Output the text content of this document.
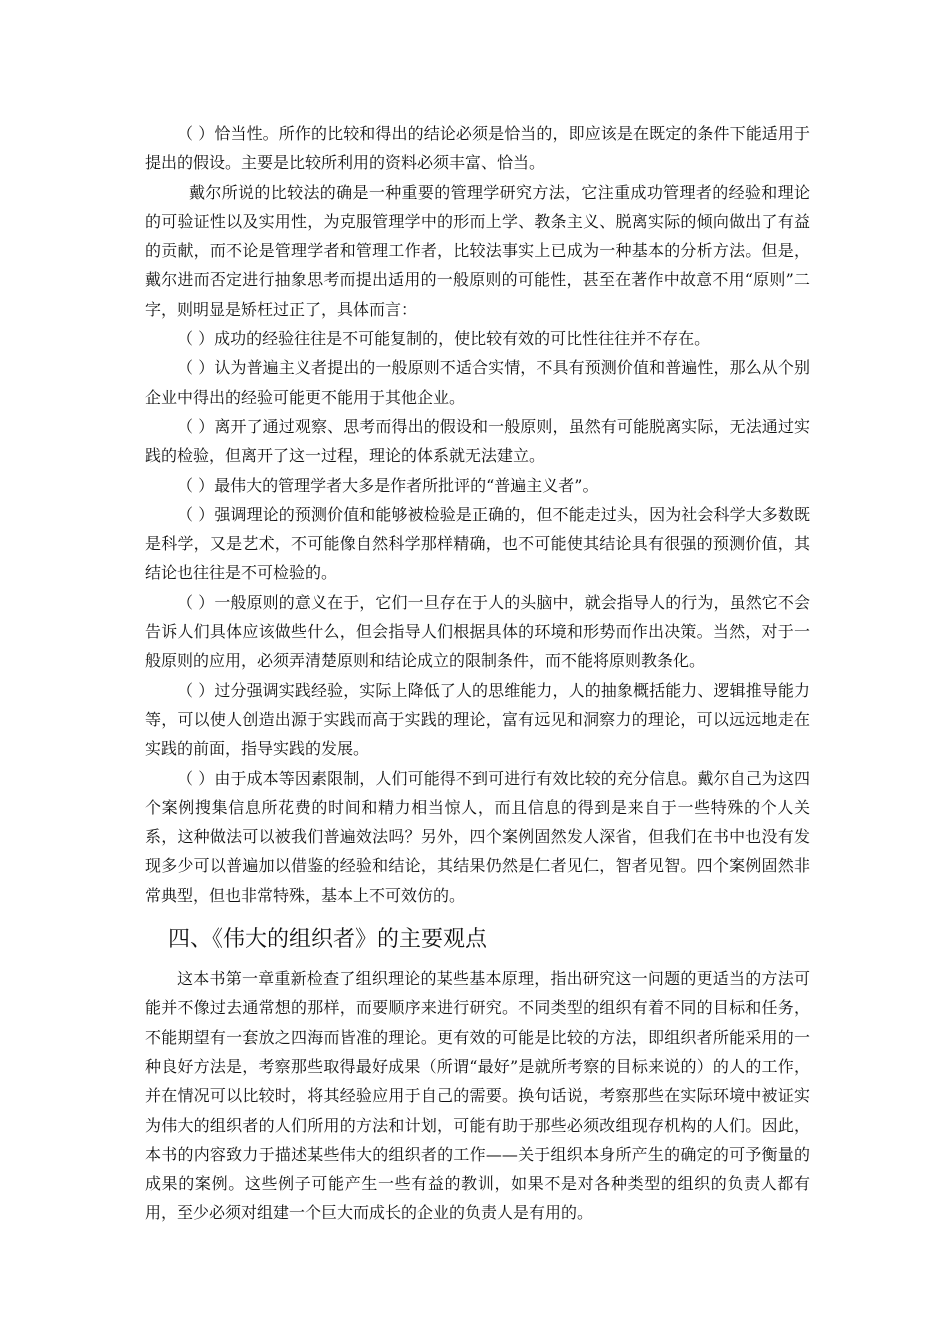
（ ）恰当性。所作的比较和得出的结论必须是恰当的，即应该是在既定的条件下能适用于提出的假设。主要是比较所利用的资料必须丰富、恰当。

戴尔所说的比较法的确是一种重要的管理学研究方法，它注重成功管理者的经验和理论的可验证性以及实用性，为克服管理学中的形而上学、教条主义、脱离实际的倾向做出了有益的贡献，而不论是管理学者和管理工作者，比较法事实上已成为一种基本的分析方法。但是，戴尔进而否定进行抽象思考而提出适用的一般原则的可能性，甚至在著作中故意不用“原则”二字，则明显是矫枉过正了，具体而言：

（ ）成功的经验往往是不可能复制的，使比较有效的可比性往往并不存在。

（ ）认为普遍主义者提出的一般原则不适合实情，不具有预测价值和普遍性，那么从个别企业中得出的经验可能更不能用于其他企业。

（ ）离开了通过观察、思考而得出的假设和一般原则，虽然有可能脱离实际，无法通过实践的检验，但离开了这一过程，理论的体系就无法建立。

（ ）最伟大的管理学者大多是作者所批评的“普遍主义者”。

（ ）强调理论的预测价值和能够被检验是正确的，但不能走过头，因为社会科学大多数既是科学，又是艺术，不可能像自然科学那样精确，也不可能使其结论具有很强的预测价值，其结论也往往是不可检验的。

（ ）一般原则的意义在于，它们一旦存在于人的头脑中，就会指导人的行为，虽然它不会告诉人们具体应该做些什么，但会指导人们根据具体的环境和形势而作出决策。当然，对于一般原则的应用，必须弄清楚原则和结论成立的限制条件，而不能将原则教条化。

（ ）过分强调实践经验，实际上降低了人的思维能力，人的抽象概括能力、逻辑推导能力等，可以使人创造出源于实践而高于实践的理论，富有远见和洞察力的理论，可以远远地走在实践的前面，指导实践的发展。

（ ）由于成本等因素限制，人们可能得不到可进行有效比较的充分信息。戴尔自己为这四个案例搜集信息所花费的时间和精力相当惊人，而且信息的得到是来自于一些特殊的个人关系，这种做法可以被我们普遍效法吗？另外，四个案例固然发人深省，但我们在书中也没有发现多少可以普遍加以借鉴的经验和结论，其结果仍然是仁者见仁，智者见智。四个案例固然非常典型，但也非常特殊，基本上不可效仿的。

四、《伟大的组织者》的主要观点

这本书第一章重新检查了组织理论的某些基本原理，指出研究这一问题的更适当的方法可能并不像过去通常想的那样，而要顺序来进行研究。不同类型的组织有着不同的目标和任务，不能期望有一套放之四海而皆准的理论。更有效的可能是比较的方法，即组织者所能采用的一种良好方法是，考察那些取得最好成果（所谓“最好”是就所考察的目标来说的）的人的工作，并在情况可以比较时，将其经验应用于自己的需要。换句话说，考察那些在实际环境中被证实为伟大的组织者的人们所用的方法和计划，可能有助于那些必须改组现存机构的人们。因此，本书的内容致力于描述某些伟大的组织者的工作——关于组织本身所产生的确定的可予衡量的成果的案例。这些例子可能产生一些有益的教训，如果不是对各种类型的组织的负责人都有用，至少必须对组建一个巨大而成长的企业的负责人是有用的。
